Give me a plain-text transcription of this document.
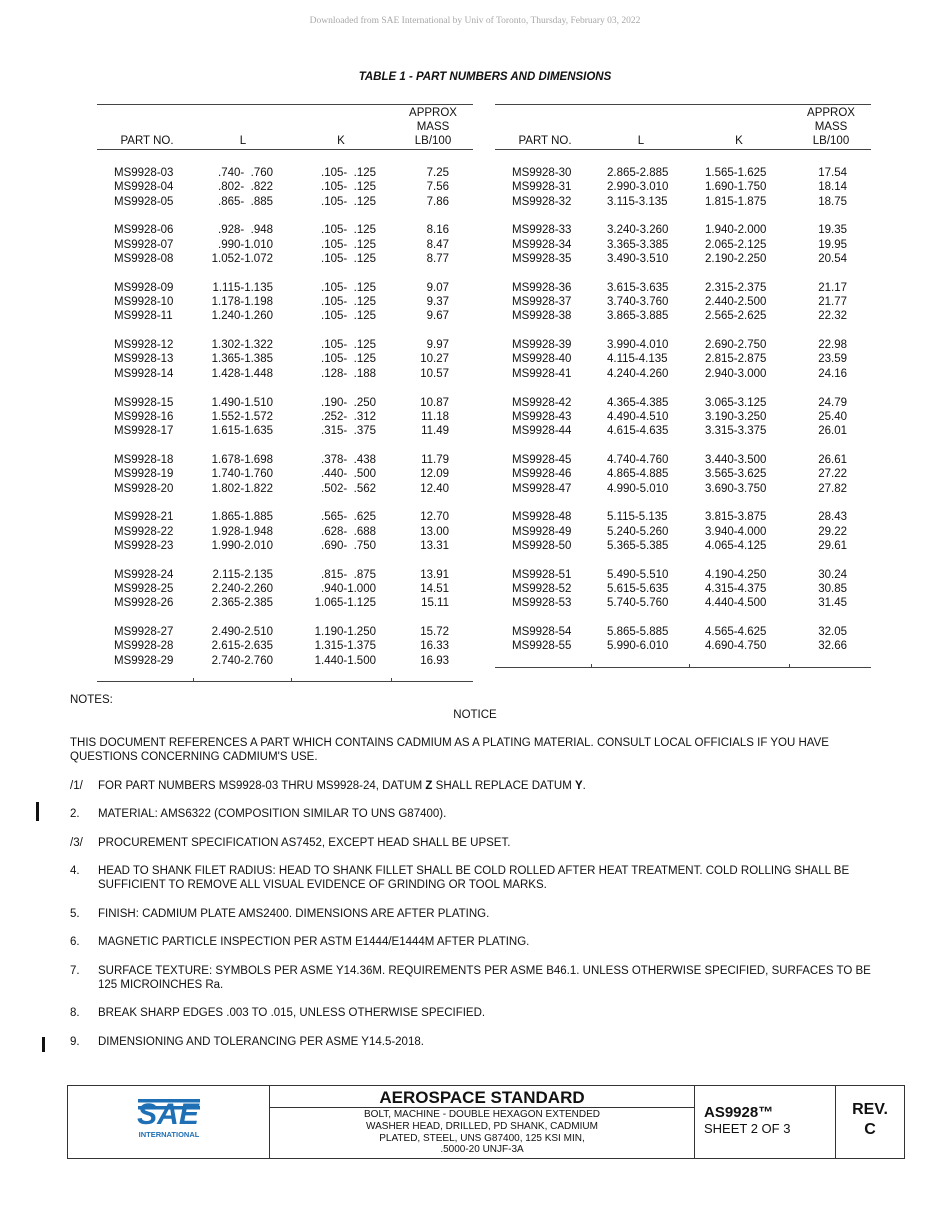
Downloaded from SAE International by Univ of Toronto, Thursday, February 03, 2022
TABLE 1 - PART NUMBERS AND DIMENSIONS
PART NO.	L	K
APPROX
MASS
LB/100
MS9928-03	.740-  .760	.105-  .125	7.25
MS9928-04	.802-  .822	.105-  .125	7.56
MS9928-05	.865-  .885	.105-  .125	7.86
MS9928-06	.928-  .948	.105-  .125	8.16
MS9928-07	.990-1.010	.105-  .125	8.47
MS9928-08	1.052-1.072	.105-  .125	8.77
MS9928-09	1.115-1.135	.105-  .125	9.07
MS9928-10	1.178-1.198	.105-  .125	9.37
MS9928-11	1.240-1.260	.105-  .125	9.67
MS9928-12	1.302-1.322	.105-  .125	9.97
MS9928-13	1.365-1.385	.105-  .125	10.27
MS9928-14	1.428-1.448	.128-  .188	10.57
MS9928-15	1.490-1.510	.190-  .250	10.87
MS9928-16	1.552-1.572	.252-  .312	11.18
MS9928-17	1.615-1.635	.315-  .375	11.49
MS9928-18	1.678-1.698	.378-  .438	11.79
MS9928-19	1.740-1.760	.440-  .500	12.09
MS9928-20	1.802-1.822	.502-  .562	12.40
MS9928-21	1.865-1.885	.565-  .625	12.70
MS9928-22	1.928-1.948	.628-  .688	13.00
MS9928-23	1.990-2.010	.690-  .750	13.31
MS9928-24	2.115-2.135	.815-  .875	13.91
MS9928-25	2.240-2.260	.940-1.000	14.51
MS9928-26	2.365-2.385	1.065-1.125	15.11
MS9928-27	2.490-2.510	1.190-1.250	15.72
MS9928-28	2.615-2.635	1.315-1.375	16.33
MS9928-29	2.740-2.760	1.440-1.500	16.93
PART NO.	L	K
APPROX
MASS
LB/100
MS9928-30	2.865-2.885	1.565-1.625	17.54
MS9928-31	2.990-3.010	1.690-1.750	18.14
MS9928-32	3.115-3.135	1.815-1.875	18.75
MS9928-33	3.240-3.260	1.940-2.000	19.35
MS9928-34	3.365-3.385	2.065-2.125	19.95
MS9928-35	3.490-3.510	2.190-2.250	20.54
MS9928-36	3.615-3.635	2.315-2.375	21.17
MS9928-37	3.740-3.760	2.440-2.500	21.77
MS9928-38	3.865-3.885	2.565-2.625	22.32
MS9928-39	3.990-4.010	2.690-2.750	22.98
MS9928-40	4.115-4.135	2.815-2.875	23.59
MS9928-41	4.240-4.260	2.940-3.000	24.16
MS9928-42	4.365-4.385	3.065-3.125	24.79
MS9928-43	4.490-4.510	3.190-3.250	25.40
MS9928-44	4.615-4.635	3.315-3.375	26.01
MS9928-45	4.740-4.760	3.440-3.500	26.61
MS9928-46	4.865-4.885	3.565-3.625	27.22
MS9928-47	4.990-5.010	3.690-3.750	27.82
MS9928-48	5.115-5.135	3.815-3.875	28.43
MS9928-49	5.240-5.260	3.940-4.000	29.22
MS9928-50	5.365-5.385	4.065-4.125	29.61
MS9928-51	5.490-5.510	4.190-4.250	30.24
MS9928-52	5.615-5.635	4.315-4.375	30.85
MS9928-53	5.740-5.760	4.440-4.500	31.45
MS9928-54	5.865-5.885	4.565-4.625	32.05
MS9928-55	5.990-6.010	4.690-4.750	32.66
NOTES:
NOTICE
THIS DOCUMENT REFERENCES A PART WHICH CONTAINS CADMIUM AS A PLATING MATERIAL. CONSULT LOCAL OFFICIALS IF YOU HAVE QUESTIONS CONCERNING CADMIUM'S USE.
/1/	FOR PART NUMBERS MS9928-03 THRU MS9928-24, DATUM Z SHALL REPLACE DATUM Y.
2.	MATERIAL: AMS6322 (COMPOSITION SIMILAR TO UNS G87400).
/3/	PROCUREMENT SPECIFICATION AS7452, EXCEPT HEAD SHALL BE UPSET.
4.	HEAD TO SHANK FILET RADIUS: HEAD TO SHANK FILLET SHALL BE COLD ROLLED AFTER HEAT TREATMENT. COLD ROLLING SHALL BE SUFFICIENT TO REMOVE ALL VISUAL EVIDENCE OF GRINDING OR TOOL MARKS.
5.	FINISH: CADMIUM PLATE AMS2400. DIMENSIONS ARE AFTER PLATING.
6.	MAGNETIC PARTICLE INSPECTION PER ASTM E1444/E1444M AFTER PLATING.
7.	SURFACE TEXTURE: SYMBOLS PER ASME Y14.36M. REQUIREMENTS PER ASME B46.1. UNLESS OTHERWISE SPECIFIED, SURFACES TO BE 125 MICROINCHES Ra.
8.	BREAK SHARP EDGES .003 TO .015, UNLESS OTHERWISE SPECIFIED.
9.	DIMENSIONING AND TOLERANCING PER ASME Y14.5-2018.
SAE
INTERNATIONAL
AEROSPACE STANDARD
BOLT, MACHINE - DOUBLE HEXAGON EXTENDED
WASHER HEAD, DRILLED, PD SHANK, CADMIUM
PLATED, STEEL, UNS G87400, 125 KSI MIN,
.5000-20 UNJF-3A
AS9928™
SHEET 2 OF 3
REV.
C
